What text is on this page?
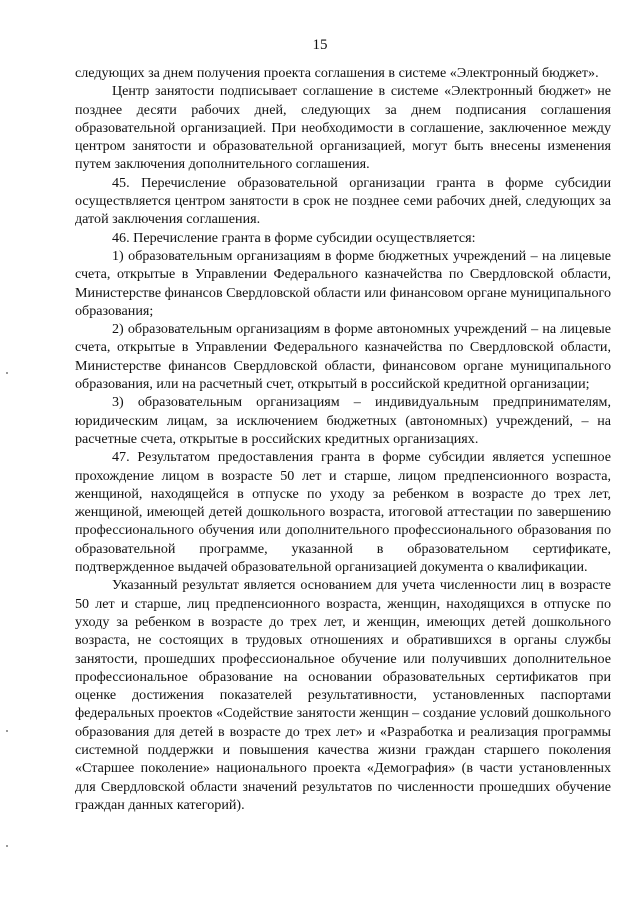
15

следующих за днем получения проекта соглашения в системе «Электронный бюджет».

Центр занятости подписывает соглашение в системе «Электронный бюджет» не позднее десяти рабочих дней, следующих за днем подписания соглашения образовательной организацией. При необходимости в соглашение, заключенное между центром занятости и образовательной организацией, могут быть внесены изменения путем заключения дополнительного соглашения.

45. Перечисление образовательной организации гранта в форме субсидии осуществляется центром занятости в срок не позднее семи рабочих дней, следующих за датой заключения соглашения.

46. Перечисление гранта в форме субсидии осуществляется:

1) образовательным организациям в форме бюджетных учреждений – на лицевые счета, открытые в Управлении Федерального казначейства по Свердловской области, Министерстве финансов Свердловской области или финансовом органе муниципального образования;

2) образовательным организациям в форме автономных учреждений – на лицевые счета, открытые в Управлении Федерального казначейства по Свердловской области, Министерстве финансов Свердловской области, финансовом органе муниципального образования, или на расчетный счет, открытый в российской кредитной организации;

3) образовательным организациям – индивидуальным предпринимателям, юридическим лицам, за исключением бюджетных (автономных) учреждений, – на расчетные счета, открытые в российских кредитных организациях.

47. Результатом предоставления гранта в форме субсидии является успешное прохождение лицом в возрасте 50 лет и старше, лицом предпенсионного возраста, женщиной, находящейся в отпуске по уходу за ребенком в возрасте до трех лет, женщиной, имеющей детей дошкольного возраста, итоговой аттестации по завершению профессионального обучения или дополнительного профессионального образования по образовательной программе, указанной в образовательном сертификате, подтвержденное выдачей образовательной организацией документа о квалификации.

Указанный результат является основанием для учета численности лиц в возрасте 50 лет и старше, лиц предпенсионного возраста, женщин, находящихся в отпуске по уходу за ребенком в возрасте до трех лет, и женщин, имеющих детей дошкольного возраста, не состоящих в трудовых отношениях и обратившихся в органы службы занятости, прошедших профессиональное обучение или получивших дополнительное профессиональное образование на основании образовательных сертификатов при оценке достижения показателей результативности, установленных паспортами федеральных проектов «Содействие занятости женщин – создание условий дошкольного образования для детей в возрасте до трех лет» и «Разработка и реализация программы системной поддержки и повышения качества жизни граждан старшего поколения «Старшее поколение» национального проекта «Демография» (в части установленных для Свердловской области значений результатов по численности прошедших обучение граждан данных категорий).
